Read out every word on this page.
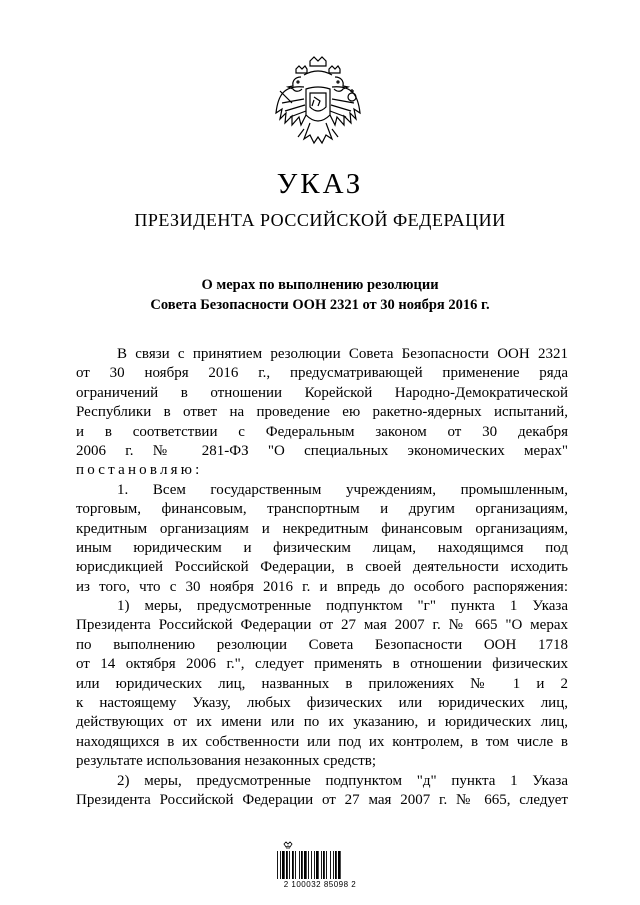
УКАЗ
ПРЕЗИДЕНТА РОССИЙСКОЙ ФЕДЕРАЦИИ
О мерах по выполнению резолюции
Совета Безопасности ООН 2321 от 30 ноября 2016 г.
В связи с принятием резолюции Совета Безопасности ООН 2321
от 30 ноября 2016 г., предусматривающей применение ряда
ограничений в отношении Корейской Народно-Демократической
Республики в ответ на проведение ею ракетно-ядерных испытаний,
и в соответствии с Федеральным законом от 30 декабря
2006 г. № 281-ФЗ "О специальных экономических мерах"
постановляю:
1. Всем государственным учреждениям, промышленным,
торговым, финансовым, транспортным и другим организациям,
кредитным организациям и некредитным финансовым организациям,
иным юридическим и физическим лицам, находящимся под
юрисдикцией Российской Федерации, в своей деятельности исходить
из того, что с 30 ноября 2016 г. и впредь до особого распоряжения:
1) меры, предусмотренные подпунктом "г" пункта 1 Указа
Президента Российской Федерации от 27 мая 2007 г. № 665 "О мерах
по выполнению резолюции Совета Безопасности ООН 1718
от 14 октября 2006 г.", следует применять в отношении физических
или юридических лиц, названных в приложениях № 1 и 2
к настоящему Указу, любых физических или юридических лиц,
действующих от их имени или по их указанию, и юридических лиц,
находящихся в их собственности или под их контролем, в том числе в
результате использования незаконных средств;
2) меры, предусмотренные подпунктом "д" пункта 1 Указа
Президента Российской Федерации от 27 мая 2007 г. № 665, следует
2 100032 85098 2
